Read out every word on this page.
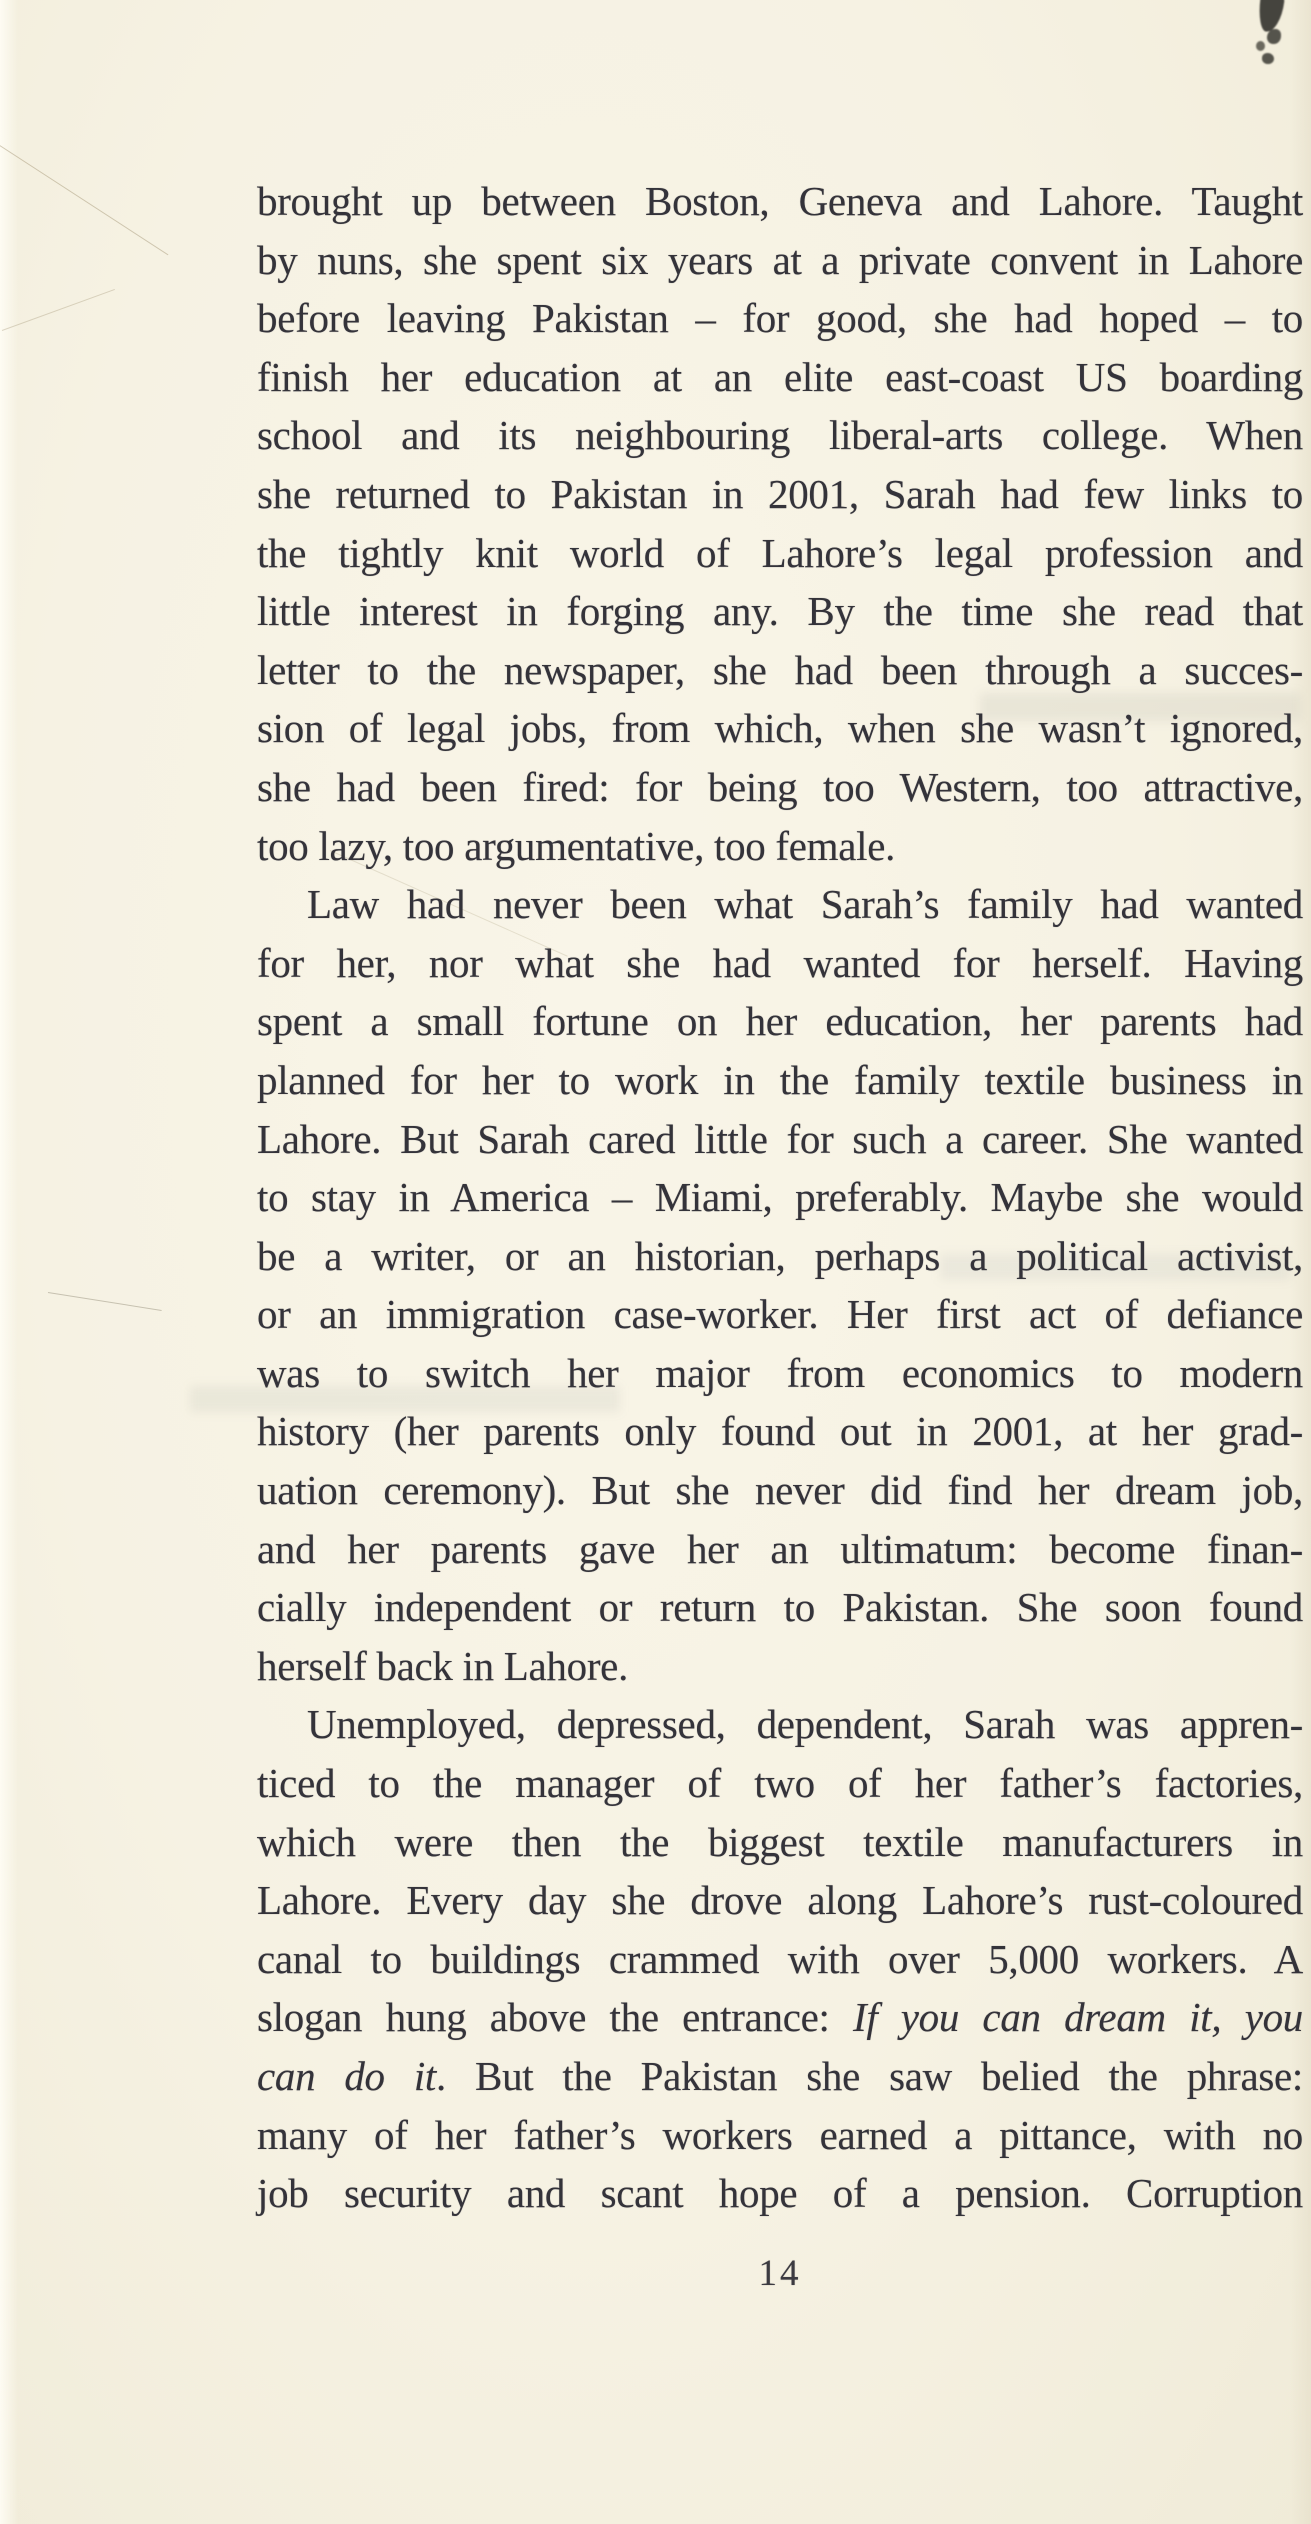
brought up between Boston, Geneva and Lahore. Taught
by nuns, she spent six years at a private convent in Lahore
before leaving Pakistan – for good, she had hoped – to
finish her education at an elite east-coast US boarding
school and its neighbouring liberal-arts college. When
she returned to Pakistan in 2001, Sarah had few links to
the tightly knit world of Lahore’s legal profession and
little interest in forging any. By the time she read that
letter to the newspaper, she had been through a succes-
sion of legal jobs, from which, when she wasn’t ignored,
she had been fired: for being too Western, too attractive,
too lazy, too argumentative, too female.
Law had never been what Sarah’s family had wanted
for her, nor what she had wanted for herself. Having
spent a small fortune on her education, her parents had
planned for her to work in the family textile business in
Lahore. But Sarah cared little for such a career. She wanted
to stay in America – Miami, preferably. Maybe she would
be a writer, or an historian, perhaps a political activist,
or an immigration case-worker. Her first act of defiance
was to switch her major from economics to modern
history (her parents only found out in 2001, at her grad-
uation ceremony). But she never did find her dream job,
and her parents gave her an ultimatum: become finan-
cially independent or return to Pakistan. She soon found
herself back in Lahore.
Unemployed, depressed, dependent, Sarah was appren-
ticed to the manager of two of her father’s factories,
which were then the biggest textile manufacturers in
Lahore. Every day she drove along Lahore’s rust-coloured
canal to buildings crammed with over 5,000 workers. A
slogan hung above the entrance: If you can dream it, you
can do it. But the Pakistan she saw belied the phrase:
many of her father’s workers earned a pittance, with no
job security and scant hope of a pension. Corruption
14
